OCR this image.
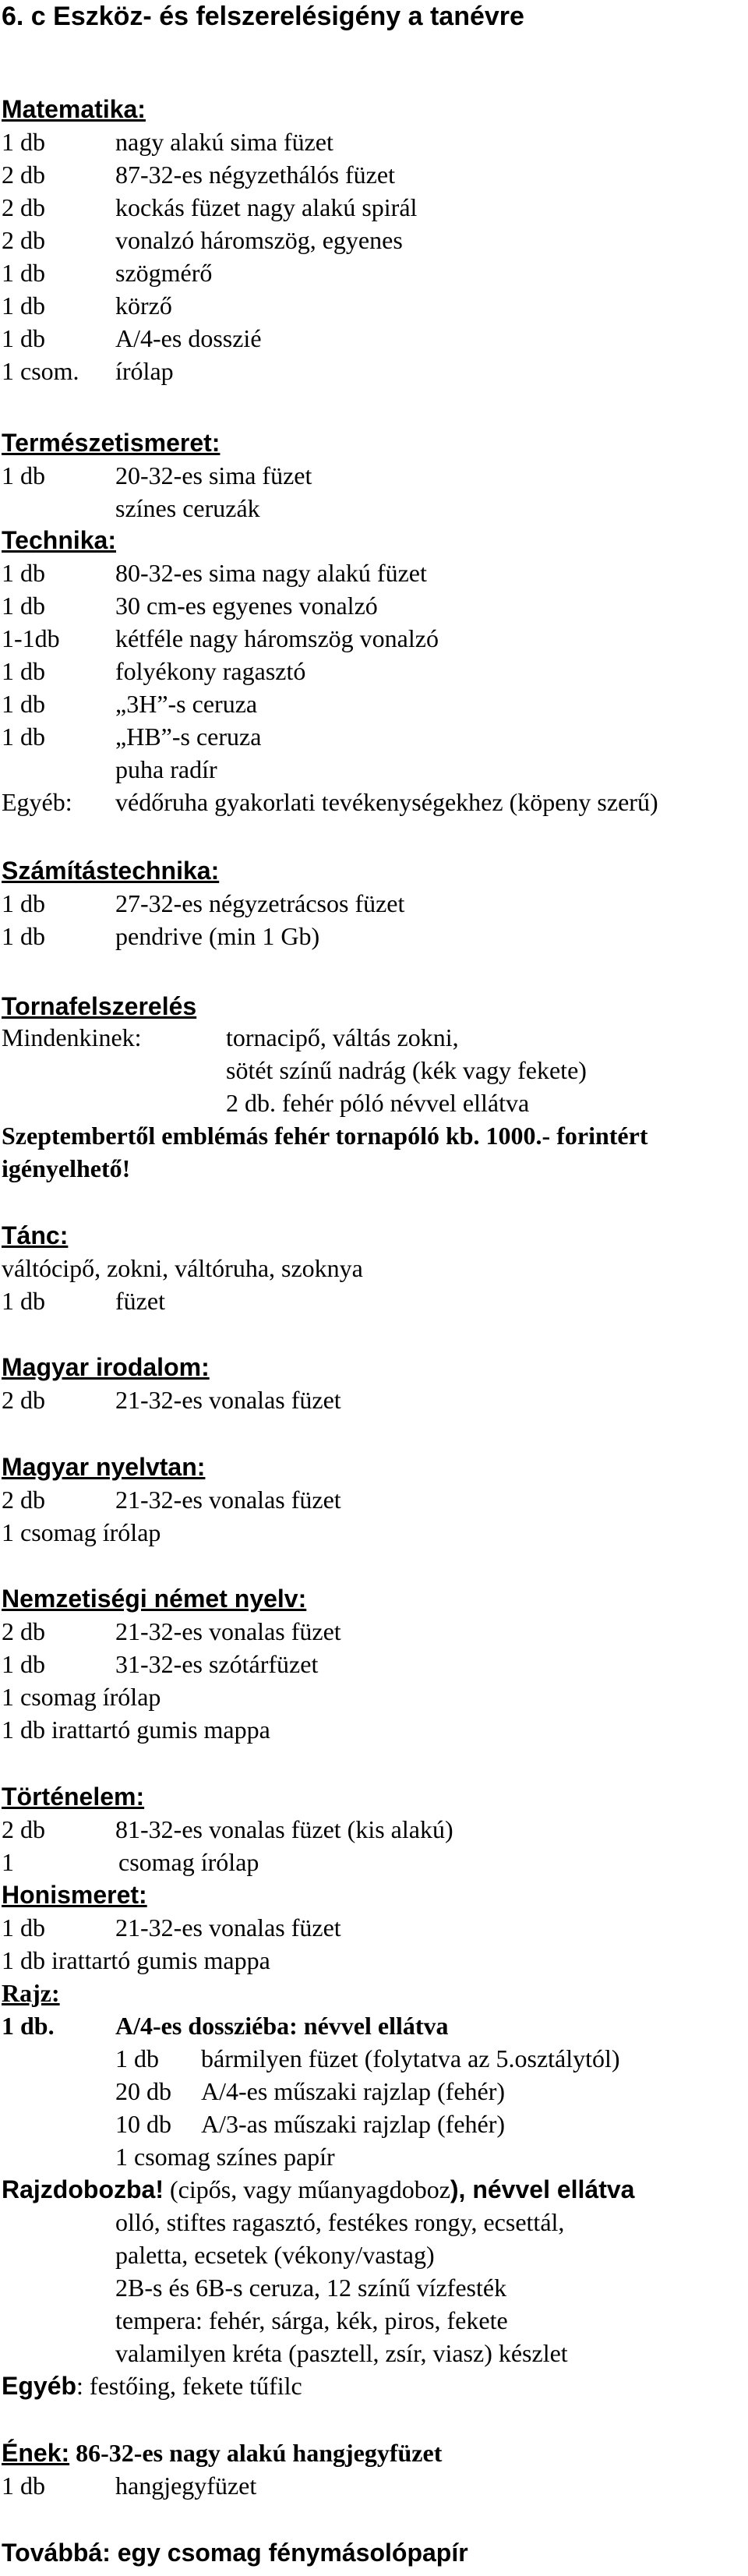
6. c Eszköz- és felszerelésigény a tanévre
Matematika:
1 db	nagy alakú sima füzet
2 db	87-32-es négyzethálós füzet
2 db	kockás füzet nagy alakú spirál
2 db	vonalzó háromszög, egyenes
1 db	szögmérő
1 db	körző
1 db	A/4-es dosszié
1 csom. írólap
Természetismeret:
1 db	20-32-es sima füzet
színes ceruzák
Technika:
1 db	80-32-es sima nagy alakú füzet
1 db	30 cm-es egyenes vonalzó
1-1db kétféle nagy háromszög vonalzó
1 db	folyékony ragasztó
1 db	„3H”-s ceruza
1 db	„HB”-s ceruza
puha radír
Egyéb: védőruha gyakorlati tevékenységekhez (köpeny szerű)
Számítástechnika:
1 db	27-32-es négyzetrácsos füzet
1 db	pendrive (min 1 Gb)
Tornafelszerelés
Mindenkinek:	tornacipő, váltás zokni,
sötét színű nadrág (kék vagy fekete)
2 db. fehér póló névvel ellátva
Szeptembertől emblémás fehér tornapóló kb. 1000.- forintért
igényelhető!
Tánc:
váltócipő, zokni, váltóruha, szoknya
1 db	füzet
Magyar irodalom:
2 db	21-32-es vonalas füzet
Magyar nyelvtan:
2 db	21-32-es vonalas füzet
1 csomag írólap
Nemzetiségi német nyelv:
2 db	21-32-es vonalas füzet
1 db	31-32-es szótárfüzet
1 csomag írólap
1 db irattartó gumis mappa
Történelem:
2 db	81-32-es vonalas füzet (kis alakú)
1	csomag írólap
Honismeret:
1 db	21-32-es vonalas füzet
1 db irattartó gumis mappa
Rajz:
1 db. A/4-es dossziéba: névvel ellátva
1 db bármilyen füzet (folytatva az 5.osztálytól)
20 db A/4-es műszaki rajzlap (fehér)
10 db A/3-as műszaki rajzlap (fehér)
1 csomag színes papír
Rajzdobozba! (cipős, vagy műanyagdoboz), névvel ellátva
olló, stiftes ragasztó, festékes rongy, ecsettál,
paletta, ecsetek (vékony/vastag)
2B-s és 6B-s ceruza, 12 színű vízfesték
tempera: fehér, sárga, kék, piros, fekete
valamilyen kréta (pasztell, zsír, viasz) készlet
Egyéb: festőing, fekete tűfilc
Ének: 86-32-es nagy alakú hangjegyfüzet
1 db	hangjegyfüzet
Továbbá: egy csomag fénymásolópapír
